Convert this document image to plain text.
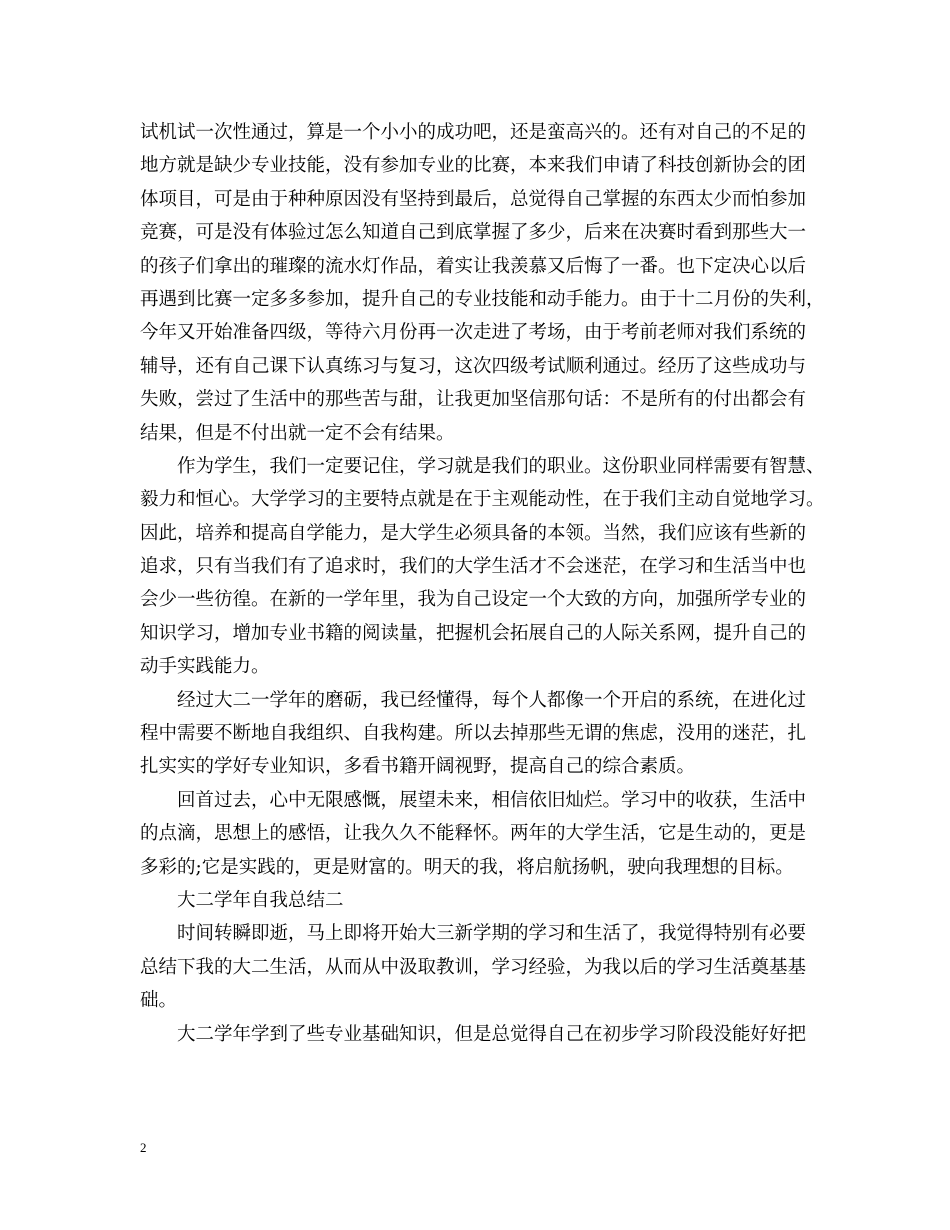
试机试一次性通过，算是一个小小的成功吧，还是蛮高兴的。还有对自己的不足的
地方就是缺少专业技能，没有参加专业的比赛，本来我们申请了科技创新协会的团
体项目，可是由于种种原因没有坚持到最后，总觉得自己掌握的东西太少而怕参加
竞赛，可是没有体验过怎么知道自己到底掌握了多少，后来在决赛时看到那些大一
的孩子们拿出的璀璨的流水灯作品，着实让我羡慕又后悔了一番。也下定决心以后
再遇到比赛一定多多参加，提升自己的专业技能和动手能力。由于十二月份的失利，
今年又开始准备四级，等待六月份再一次走进了考场，由于考前老师对我们系统的
辅导，还有自己课下认真练习与复习，这次四级考试顺利通过。经历了这些成功与
失败，尝过了生活中的那些苦与甜，让我更加坚信那句话：不是所有的付出都会有
结果，但是不付出就一定不会有结果。
作为学生，我们一定要记住，学习就是我们的职业。这份职业同样需要有智慧、
毅力和恒心。大学学习的主要特点就是在于主观能动性，在于我们主动自觉地学习。
因此，培养和提高自学能力，是大学生必须具备的本领。当然，我们应该有些新的
追求，只有当我们有了追求时，我们的大学生活才不会迷茫，在学习和生活当中也
会少一些彷徨。在新的一学年里，我为自己设定一个大致的方向，加强所学专业的
知识学习，增加专业书籍的阅读量，把握机会拓展自己的人际关系网，提升自己的
动手实践能力。
经过大二一学年的磨砺，我已经懂得，每个人都像一个开启的系统，在进化过
程中需要不断地自我组织、自我构建。所以去掉那些无谓的焦虑，没用的迷茫，扎
扎实实的学好专业知识，多看书籍开阔视野，提高自己的综合素质。
回首过去，心中无限感慨，展望未来，相信依旧灿烂。学习中的收获，生活中
的点滴，思想上的感悟，让我久久不能释怀。两年的大学生活，它是生动的，更是
多彩的;它是实践的，更是财富的。明天的我，将启航扬帆，驶向我理想的目标。
大二学年自我总结二
时间转瞬即逝，马上即将开始大三新学期的学习和生活了，我觉得特别有必要
总结下我的大二生活，从而从中汲取教训，学习经验，为我以后的学习生活奠基基
础。
大二学年学到了些专业基础知识，但是总觉得自己在初步学习阶段没能好好把
2
